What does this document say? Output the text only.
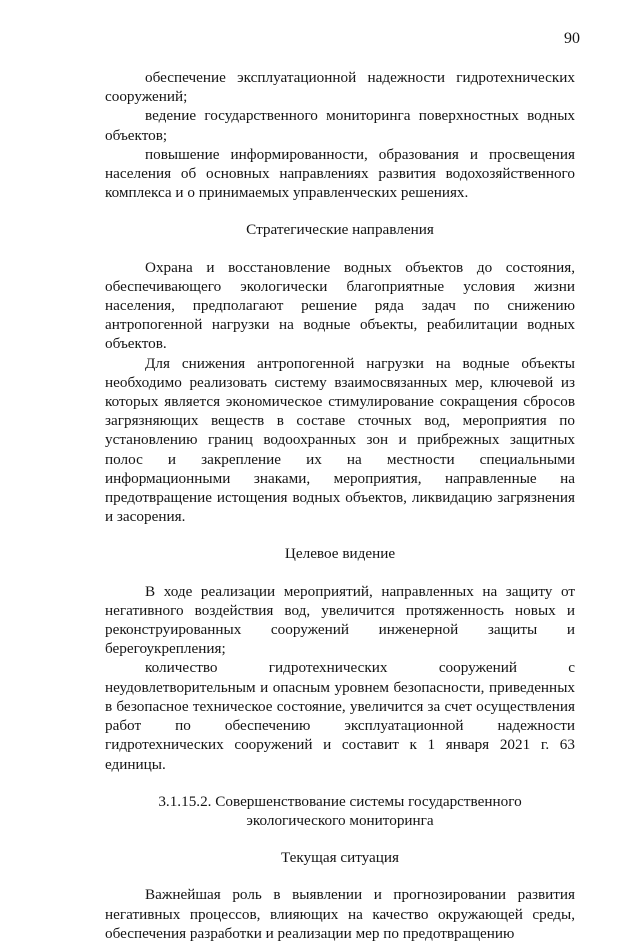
90

обеспечение эксплуатационной надежности гидротехнических сооружений;

ведение государственного мониторинга поверхностных водных объектов;

повышение информированности, образования и просвещения населения об основных направлениях развития водохозяйственного комплекса и о принимаемых управленческих решениях.

Стратегические направления

Охрана и восстановление водных объектов до состояния, обеспечивающего экологически благоприятные условия жизни населения, предполагают решение ряда задач по снижению антропогенной нагрузки на водные объекты, реабилитации водных объектов.

Для снижения антропогенной нагрузки на водные объекты необходимо реализовать систему взаимосвязанных мер, ключевой из которых является экономическое стимулирование сокращения сбросов загрязняющих веществ в составе сточных вод, мероприятия по установлению границ водоохранных зон и прибрежных защитных полос и закрепление их на местности специальными информационными знаками, мероприятия, направленные на предотвращение истощения водных объектов, ликвидацию загрязнения и засорения.

Целевое видение

В ходе реализации мероприятий, направленных на защиту от негативного воздействия вод, увеличится протяженность новых и реконструированных сооружений инженерной защиты и берегоукрепления;

количество гидротехнических сооружений с неудовлетворительным и опасным уровнем безопасности, приведенных в безопасное техническое состояние, увеличится за счет осуществления работ по обеспечению эксплуатационной надежности гидротехнических сооружений и составит к 1 января 2021 г. 63 единицы.

3.1.15.2. Совершенствование системы государственного

экологического мониторинга

Текущая ситуация

Важнейшая роль в выявлении и прогнозировании развития негативных процессов, влияющих на качество окружающей среды, обеспечения разработки и реализации мер по предотвращению
